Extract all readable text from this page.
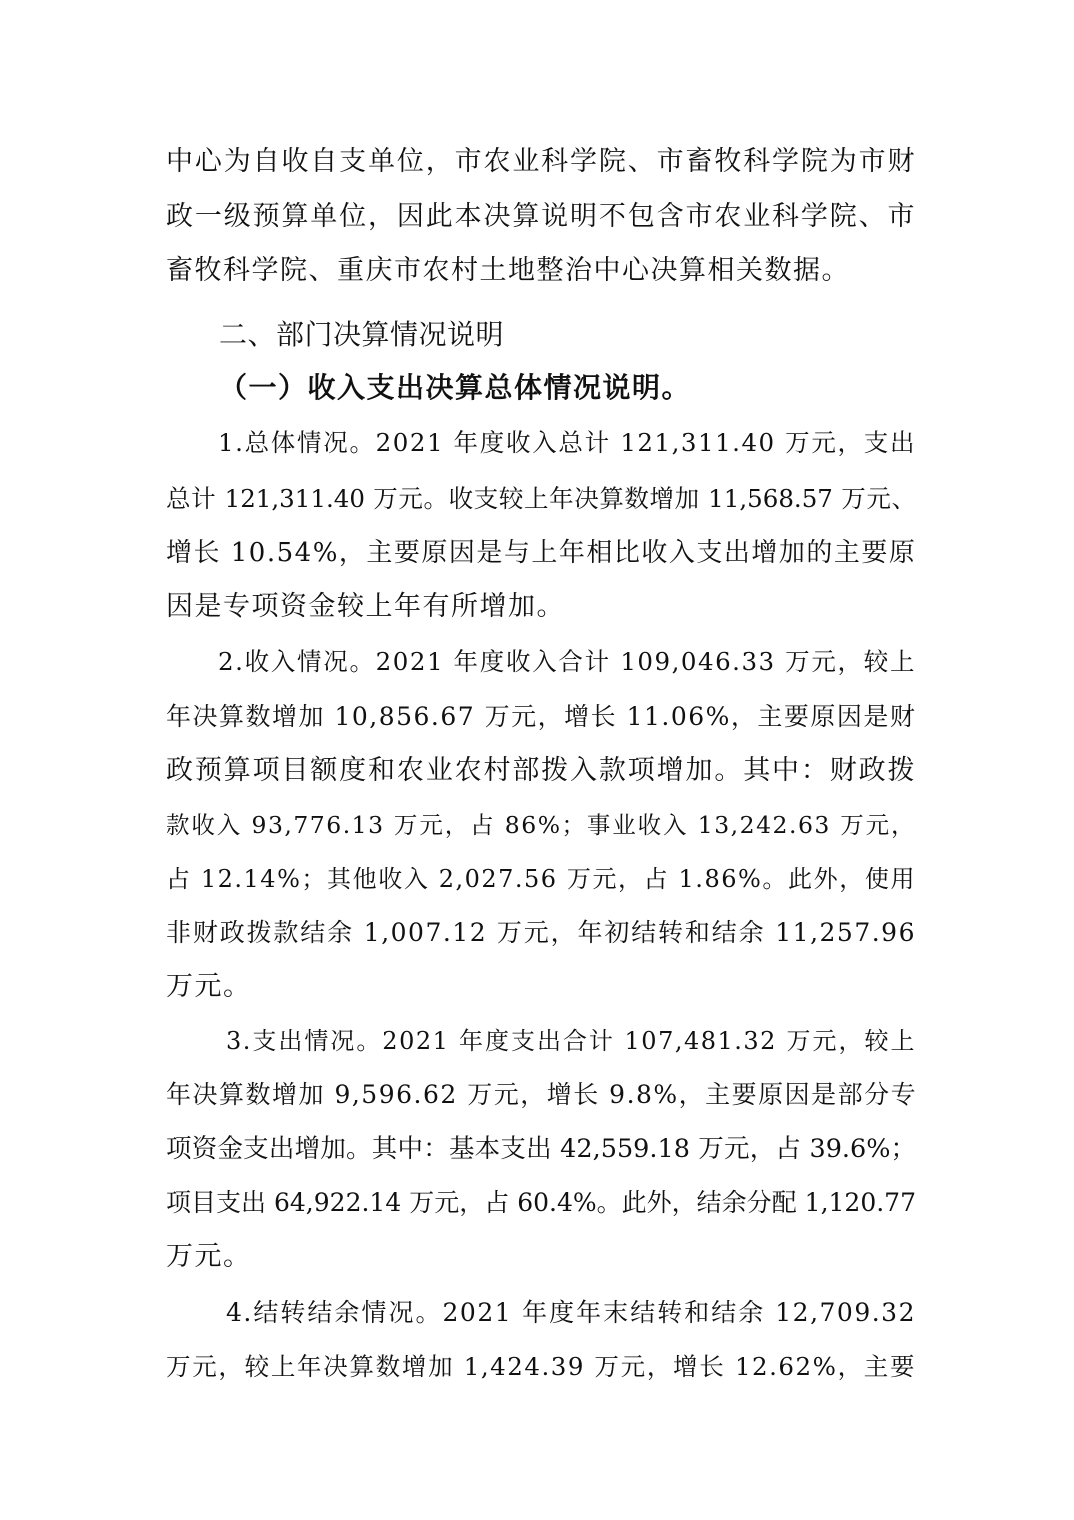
中心为自收自支单位，市农业科学院、市畜牧科学院为市财
政一级预算单位，因此本决算说明不包含市农业科学院、市
畜牧科学院、重庆市农村土地整治中心决算相关数据。
二、部门决算情况说明
（一）收入支出决算总体情况说明。
1.总体情况。2021 年度收入总计 121,311.40 万元，支出
总计 121,311.40 万元。收支较上年决算数增加 11,568.57 万元、
增长 10.54%，主要原因是与上年相比收入支出增加的主要原
因是专项资金较上年有所增加。
2.收入情况。2021 年度收入合计 109,046.33 万元，较上
年决算数增加 10,856.67 万元，增长 11.06%，主要原因是财
政预算项目额度和农业农村部拨入款项增加。其中：财政拨
款收入 93,776.13 万元，占 86%；事业收入 13,242.63 万元，
占 12.14%；其他收入 2,027.56 万元，占 1.86%。此外，使用
非财政拨款结余 1,007.12 万元，年初结转和结余 11,257.96
万元。
3.支出情况。2021 年度支出合计 107,481.32 万元，较上
年决算数增加 9,596.62 万元，增长 9.8%，主要原因是部分专
项资金支出增加。其中：基本支出 42,559.18 万元，占 39.6%；
项目支出 64,922.14 万元，占 60.4%。此外，结余分配 1,120.77
万元。
4.结转结余情况。2021 年度年末结转和结余 12,709.32
万元，较上年决算数增加 1,424.39 万元，增长 12.62%，主要
